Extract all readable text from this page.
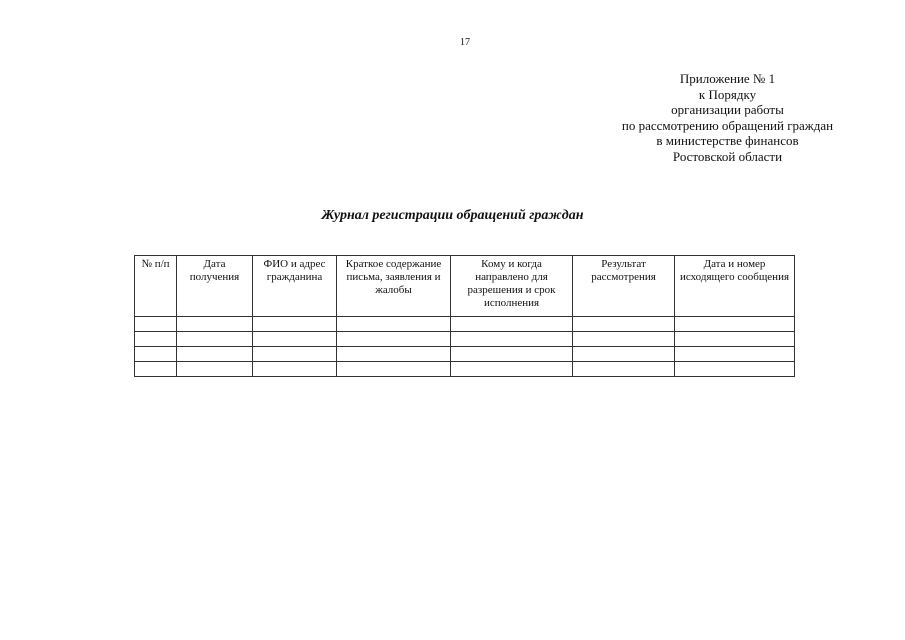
17
Приложение № 1
к Порядку
организации работы
по рассмотрению обращений граждан
в министерстве финансов
Ростовской области
Журнал регистрации обращений граждан
№ п/п	Дата получения	ФИО и адрес гражданина	Краткое содержание письма, заявления и жалобы	Кому и когда направлено для разрешения и срок исполнения	Результат рассмотрения	Дата и номер исходящего сообщения
